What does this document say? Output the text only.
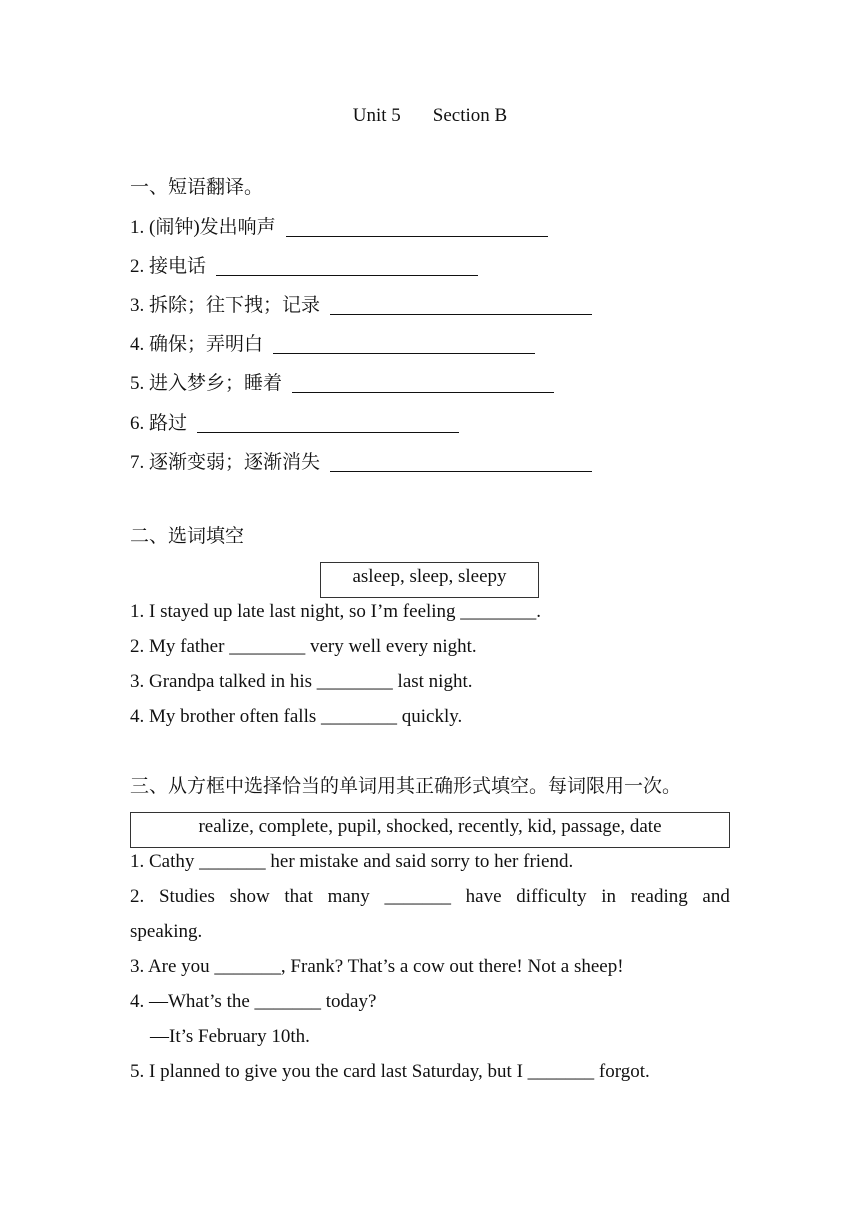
Unit 5 Section B
一、短语翻译。
1. (闹钟)发出响声
2. 接电话
3. 拆除；往下拽；记录
4. 确保；弄明白
5. 进入梦乡；睡着
6. 路过
7. 逐渐变弱；逐渐消失
二、选词填空
asleep, sleep, sleepy
1. I stayed up late last night, so I’m feeling ________.
2. My father ________ very well every night.
3. Grandpa talked in his ________ last night.
4. My brother often falls ________ quickly.
三、从方框中选择恰当的单词用其正确形式填空。每词限用一次。
realize, complete, pupil, shocked, recently, kid, passage, date
1. Cathy _______ her mistake and said sorry to her friend.
2. Studies show that many _______ have difficulty in reading and
speaking.
3. Are you _______, Frank? That’s a cow out there! Not a sheep!
4. —What’s the _______ today?
—It’s February 10th.
5. I planned to give you the card last Saturday, but I _______ forgot.
